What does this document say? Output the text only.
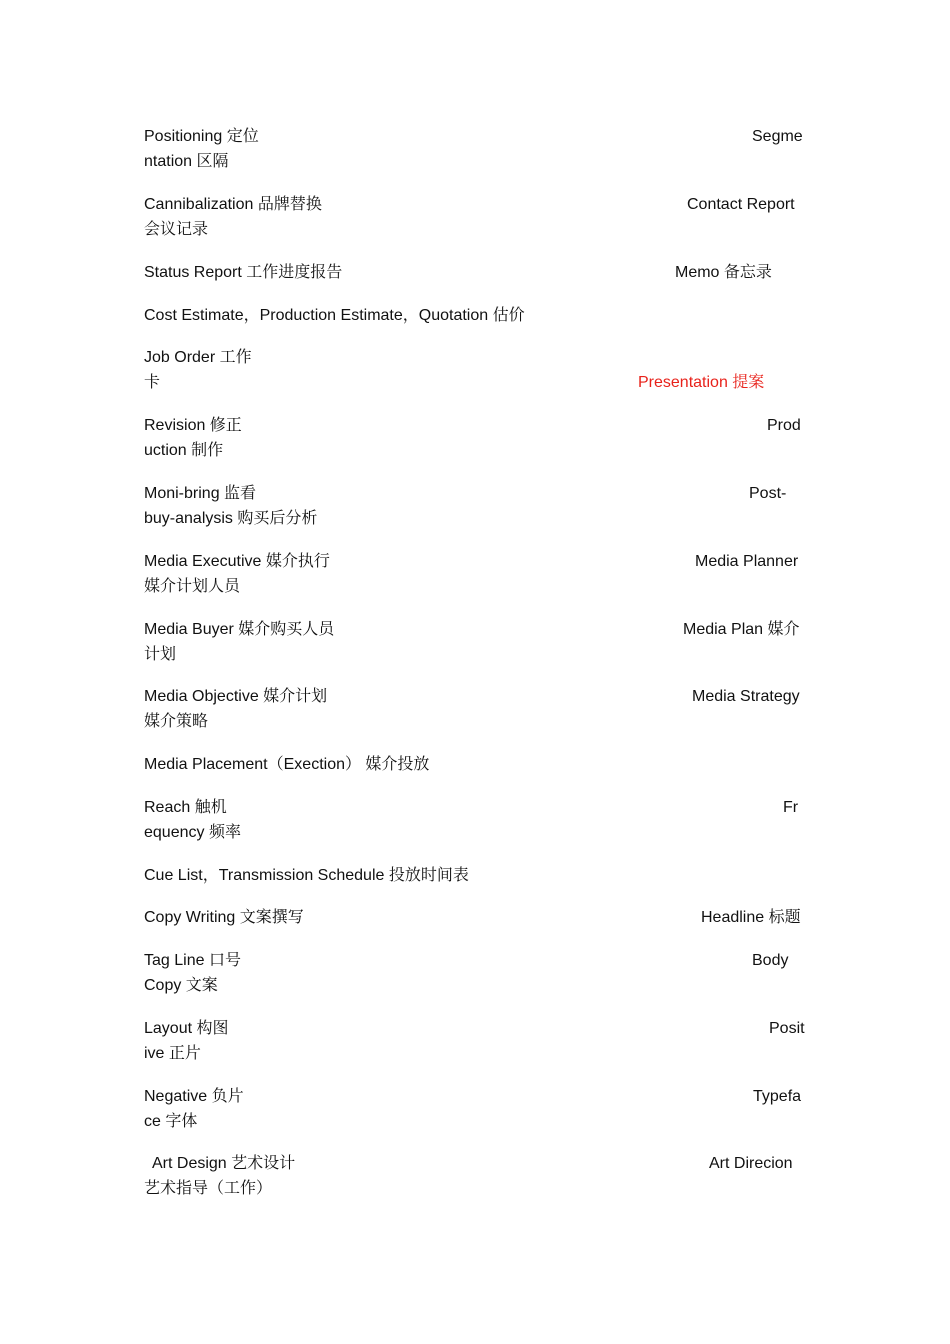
Positioning 定位	Segme
ntation 区隔
Cannibalization 品牌替换	Contact Report
会议记录
Status Report 工作进度报告	Memo 备忘录
Cost Estimate，Production Estimate，Quotation 估价
Job Order 工作
卡	Presentation 提案
Revision 修正	Prod
uction 制作
Moni-bring 监看	Post-
buy-analysis 购买后分析
Media Executive 媒介执行	Media Planner
媒介计划人员
Media Buyer 媒介购买人员	Media Plan 媒介
计划
Media Objective 媒介计划	Media Strategy
媒介策略
Media Placement（Exection） 媒介投放
Reach 触机	Fr
equency 频率
Cue List，Transmission Schedule 投放时间表
Copy Writing 文案撰写	Headline 标题
Tag Line 口号	Body
Copy 文案
Layout 构图	Posit
ive 正片
Negative 负片	Typefa
ce 字体
Art Design 艺术设计	Art Direcion
艺术指导（工作）
